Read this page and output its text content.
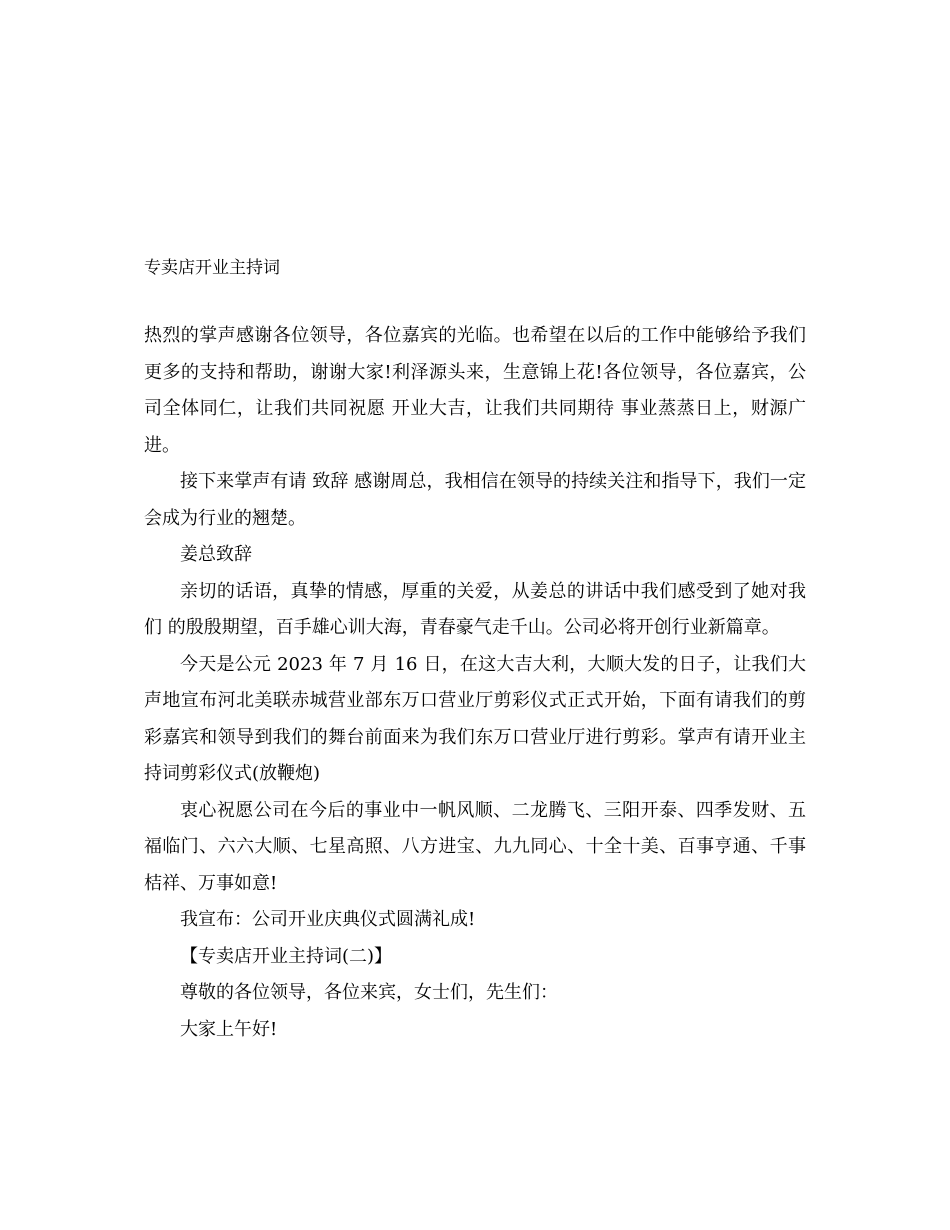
专卖店开业主持词

热烈的掌声感谢各位领导，各位嘉宾的光临。也希望在以后的工作中能够给予我们更多的支持和帮助，谢谢大家!利泽源头来，生意锦上花!各位领导，各位嘉宾，公司全体同仁，让我们共同祝愿 开业大吉，让我们共同期待 事业蒸蒸日上，财源广进。

接下来掌声有请 致辞 感谢周总，我相信在领导的持续关注和指导下，我们一定会成为行业的翘楚。

姜总致辞

亲切的话语，真挚的情感，厚重的关爱，从姜总的讲话中我们感受到了她对我们 的殷殷期望，百手雄心训大海，青春豪气走千山。公司必将开创行业新篇章。

今天是公元 2023 年 7 月 16 日，在这大吉大利，大顺大发的日子，让我们大声地宣布河北美联赤城营业部东万口营业厅剪彩仪式正式开始，下面有请我们的剪彩嘉宾和领导到我们的舞台前面来为我们东万口营业厅进行剪彩。掌声有请开业主持词剪彩仪式(放鞭炮)

衷心祝愿公司在今后的事业中一帆风顺、二龙腾飞、三阳开泰、四季发财、五福临门、六六大顺、七星高照、八方进宝、九九同心、十全十美、百事亨通、千事桔祥、万事如意!

我宣布：公司开业庆典仪式圆满礼成!

【专卖店开业主持词(二)】

尊敬的各位领导，各位来宾，女士们，先生们：

大家上午好!
